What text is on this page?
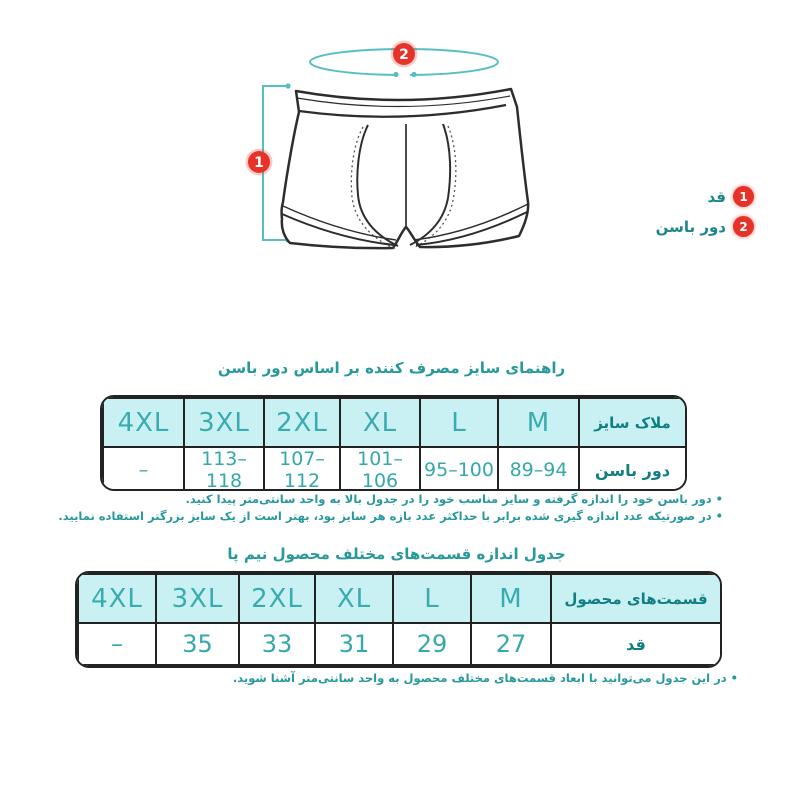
1
2
1
قد
2
دور باسن
راهنمای سایز مصرف کننده بر اساس دور باسن
4XL	3XL	2XL	XL	L	M	ملاک سایز
–	113–118	107–112	101–106	95–100	89–94	دور باسن
• دور باسن خود را اندازه گرفته و سایز مناسب خود را در جدول بالا به واحد سانتی‌متر پیدا کنید.
• در صورتیکه عدد اندازه گیری شده برابر با حداکثر عدد بازه هر سایز بود، بهتر است از یک سایز بزرگتر استفاده نمایید.
جدول اندازه قسمت‌های مختلف محصول نیم پا
4XL	3XL	2XL	XL	L	M	قسمت‌های محصول
–	35	33	31	29	27	قد
• در این جدول می‌توانید با ابعاد قسمت‌های مختلف محصول به واحد سانتی‌متر آشنا شوید.
